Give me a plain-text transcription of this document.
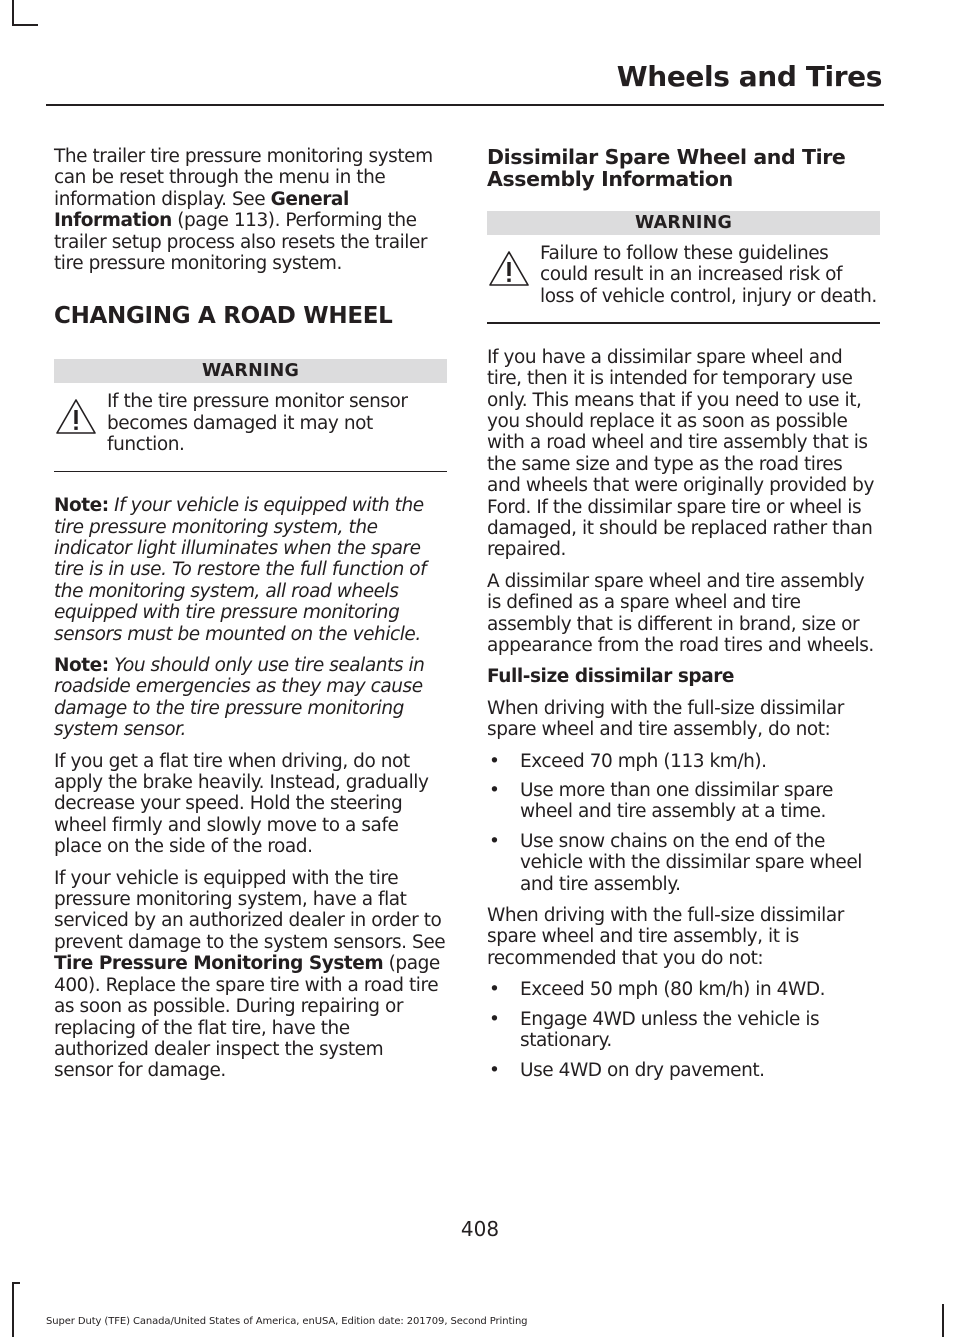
Wheels and Tires

The trailer tire pressure monitoring system can be reset through the menu in the information display. See General Information (page 113). Performing the trailer setup process also resets the trailer tire pressure monitoring system.

CHANGING A ROAD WHEEL
WARNING
If the tire pressure monitor sensor becomes damaged it may not function.

Note: If your vehicle is equipped with the tire pressure monitoring system, the indicator light illuminates when the spare tire is in use. To restore the full function of the monitoring system, all road wheels equipped with tire pressure monitoring sensors must be mounted on the vehicle.

Note: You should only use tire sealants in roadside emergencies as they may cause damage to the tire pressure monitoring system sensor.

If you get a flat tire when driving, do not apply the brake heavily. Instead, gradually decrease your speed. Hold the steering wheel firmly and slowly move to a safe place on the side of the road.

If your vehicle is equipped with the tire pressure monitoring system, have a flat serviced by an authorized dealer in order to prevent damage to the system sensors. See Tire Pressure Monitoring System (page 400). Replace the spare tire with a road tire as soon as possible. During repairing or replacing of the flat tire, have the authorized dealer inspect the system sensor for damage.

Dissimilar Spare Wheel and Tire Assembly Information
WARNING
Failure to follow these guidelines could result in an increased risk of loss of vehicle control, injury or death.

If you have a dissimilar spare wheel and tire, then it is intended for temporary use only. This means that if you need to use it, you should replace it as soon as possible with a road wheel and tire assembly that is the same size and type as the road tires and wheels that were originally provided by Ford. If the dissimilar spare tire or wheel is damaged, it should be replaced rather than repaired.

A dissimilar spare wheel and tire assembly is defined as a spare wheel and tire assembly that is different in brand, size or appearance from the road tires and wheels.

Full-size dissimilar spare

When driving with the full-size dissimilar spare wheel and tire assembly, do not:

• Exceed 70 mph (113 km/h).
• Use more than one dissimilar spare wheel and tire assembly at a time.
• Use snow chains on the end of the vehicle with the dissimilar spare wheel and tire assembly.

When driving with the full-size dissimilar spare wheel and tire assembly, it is recommended that you do not:

• Exceed 50 mph (80 km/h) in 4WD.
• Engage 4WD unless the vehicle is stationary.
• Use 4WD on dry pavement.
408
Super Duty (TFE) Canada/United States of America, enUSA, Edition date: 201709, Second Printing
